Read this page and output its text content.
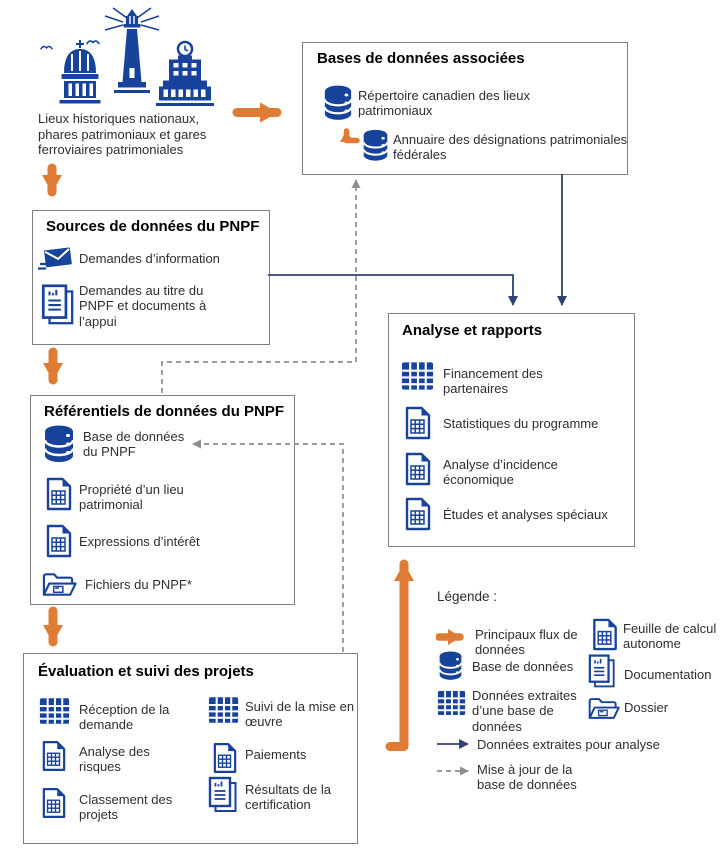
Lieux historiques nationaux, phares patrimoniaux et gares ferroviaires patrimoniales
Bases de données associées
Répertoire canadien des lieux patrimoniaux
Annuaire des désignations patrimoniales fédérales
Sources de données du PNPF
Demandes d’information
Demandes au titre du PNPF et documents à l’appui
Référentiels de données du PNPF
Base de données du PNPF
Propriété d’un lieu patrimonial
Expressions d’intérêt
Fichiers du PNPF*
Analyse et rapports
Financement des partenaires
Statistiques du programme
Analyse d’incidence économique
Études et analyses spéciaux
Évaluation et suivi des projets
Réception de la demande
Analyse des risques
Classement des projets
Suivi de la mise en œuvre
Paiements
Résultats de la certification
Légende :
Principaux flux de données
Base de données
Données extraites d’une base de données
Feuille de calcul autonome
Documentation
Dossier
Données extraites pour analyse
Mise à jour de la base de données
